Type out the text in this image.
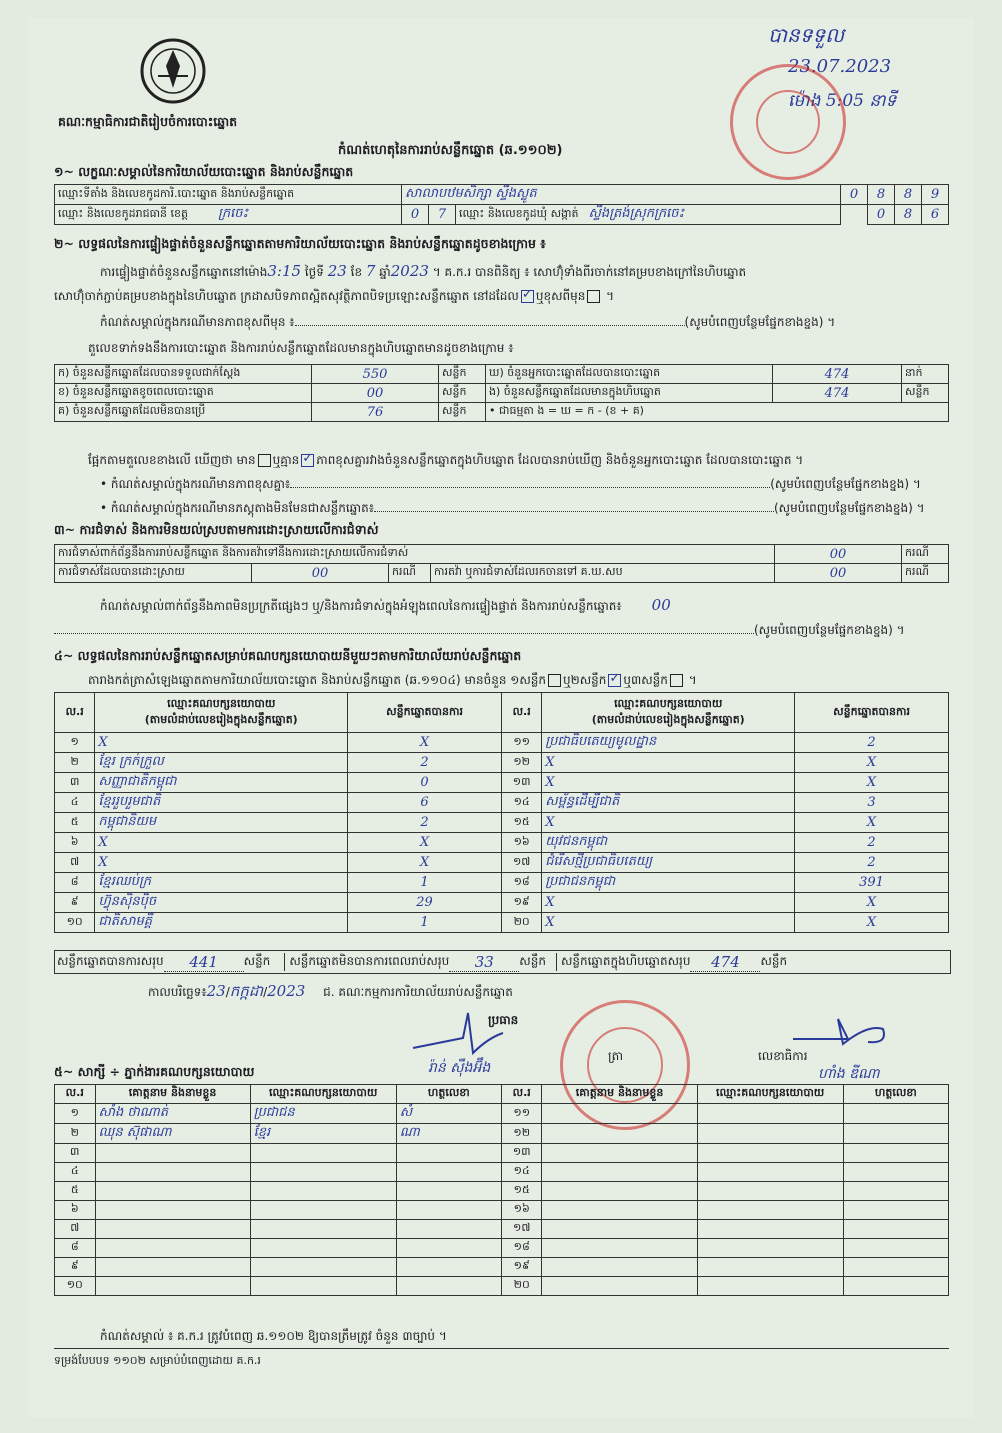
គណៈកម្មាធិការជាតិរៀបចំការបោះឆ្នោត
កំណត់ហេតុនៃការរាប់សន្លឹកឆ្នោត (ឆ.១១០២)
បានទទួល
23.07.2023
ម៉ោង 5:05 នាទី
១~ លក្ខណៈសម្គាល់នៃការិយាល័យបោះឆ្នោត និងរាប់សន្លឹកឆ្នោត
ឈ្មោះទីតាំង និងលេខកូដការិ.បោះឆ្នោត និងរាប់សន្លឹកឆ្នោត	សាលាបឋមសិក្សា ស្ទឹងស្លូត			0	8	8	9
ឈ្មោះ និងលេខកូដរាជធានី ខេត្ត ក្រចេះ	0	7	ឈ្មោះ និងលេខកូដឃុំ សង្កាត់ ស្ទឹងត្រង់ស្រុកក្រចេះ		0	8	6
២~ លទ្ធផលនៃការផ្ទៀងផ្ទាត់ចំនួនសន្លឹកឆ្នោតតាមការិយាល័យបោះឆ្នោត និងរាប់សន្លឹកឆ្នោតដូចខាងក្រោម ៖
ការផ្ទៀងផ្ទាត់ចំនួនសន្លឹកឆ្នោតនៅម៉ោង3:15 ថ្ងៃទី 23 ខែ 7 ឆ្នាំ2023 ។ គ.ក.រ បានពិនិត្យ ៖ សោហ៊ុំទាំងពីរចាក់នៅគម្របខាងក្រៅនៃហិបឆ្នោត
សោហ៊ុំចាក់ភ្ជាប់គម្របខាងក្នុងនៃហិបឆ្នោត ក្រដាសបិទភាពស្អិតសុវត្ថិភាពបិទប្រឡោះសន្លឹកឆ្នោត នៅដដែល ✓ ឬខុសពីមុន ។
កំណត់សម្គាល់ក្នុងករណីមានភាពខុសពីមុន ៖	(សូមបំពេញបន្ថែមផ្នែកខាងខ្នង) ។
តួលេខទាក់ទងនឹងការបោះឆ្នោត និងការរាប់សន្លឹកឆ្នោតដែលមានក្នុងហិបឆ្នោតមានដូចខាងក្រោម ៖
ក) ចំនួនសន្លឹកឆ្នោតដែលបានទទួលជាក់ស្តែង	550	សន្លឹក	ឃ) ចំនួនអ្នកបោះឆ្នោតដែលបានបោះឆ្នោត	474	នាក់
ខ) ចំនួនសន្លឹកឆ្នោតខូចពេលបោះឆ្នោត	00	សន្លឹក	ង) ចំនួនសន្លឹកឆ្នោតដែលមានក្នុងហិបឆ្នោត	474	សន្លឹក
គ) ចំនួនសន្លឹកឆ្នោតដែលមិនបានប្រើ	76	សន្លឹក	• ជាធម្មតា ង = ឃ = ក - (ខ + គ)		
ផ្អែកតាមតួលេខខាងលើ ឃើញថា មាន ឬគ្មាន ✓ ភាពខុសគ្នារវាងចំនួនសន្លឹកឆ្នោតក្នុងហិបឆ្នោត ដែលបានរាប់ឃើញ និងចំនួនអ្នកបោះឆ្នោត ដែលបានបោះឆ្នោត ។
• កំណត់សម្គាល់ក្នុងករណីមានភាពខុសគ្នា៖	(សូមបំពេញបន្ថែមផ្នែកខាងខ្នង) ។
• កំណត់សម្គាល់ក្នុងករណីមានភស្តុតាងមិនមែនជាសន្លឹកឆ្នោត៖	(សូមបំពេញបន្ថែមផ្នែកខាងខ្នង) ។
៣~ ការជំទាស់ និងការមិនយល់ស្របតាមការដោះស្រាយលើការជំទាស់
ការជំទាស់ពាក់ព័ន្ធនឹងការរាប់សន្លឹកឆ្នោត និងការតវ៉ាទៅនឹងការដោះស្រាយលើការជំទាស់				00	ករណី
ការជំទាស់ដែលបានដោះស្រាយ	00	ករណី	ការតវ៉ា ឬការជំទាស់ដែលរកចានទៅ គ.ឃ.សប	00	ករណី
កំណត់សម្គាល់ពាក់ព័ន្ធនឹងភាពមិនប្រក្រតីផ្សេងៗ ឬ/និងការជំទាស់ក្នុងអំឡុងពេលនៃការផ្ទៀងផ្ទាត់ និងការរាប់សន្លឹកឆ្នោត៖ 00
(សូមបំពេញបន្ថែមផ្នែកខាងខ្នង) ។
៤~ លទ្ធផលនៃការរាប់សន្លឹកឆ្នោតសម្រាប់គណបក្សនយោបាយនីមួយៗតាមការិយាល័យរាប់សន្លឹកឆ្នោត
តារាងកត់ត្រាសំឡេងឆ្នោតតាមការិយាល័យបោះឆ្នោត និងរាប់សន្លឹកឆ្នោត (ឆ.១១០៤) មានចំនួន ១សន្លឹក ឬ២សន្លឹក ✓ ឬ៣សន្លឹក ។
ល.រ	ឈ្មោះគណបក្សនយោបាយ
(តាមលំដាប់លេខរៀងក្នុងសន្លឹកឆ្នោត)	សន្លឹកឆ្នោតបានការ	ល.រ	ឈ្មោះគណបក្សនយោបាយ
(តាមលំដាប់លេខរៀងក្នុងសន្លឹកឆ្នោត)	សន្លឹកឆ្នោតបានការ
១	X	X	១១	ប្រជាធិបតេយ្យមូលដ្ឋាន	2
២	ខ្មែរ ក្រក់ក្រួល	2	១២	X	X
៣	សញ្ញាជាតិកម្ពុជា	0	១៣	X	X
៤	ខ្មែររួបរួមជាតិ	6	១៤	សម្ព័ន្ធដើម្បីជាតិ	3
៥	កម្ពុជានិយម	2	១៥	X	X
៦	X	X	១៦	យុវជនកម្ពុជា	2
៧	X	X	១៧	ជំរើសថ្មីប្រជាធិបតេយ្យ	2
៨	ខ្មែរឈប់ក្រ	1	១៨	ប្រជាជនកម្ពុជា	391
៩	ហ៊្វុនស៊ិនប៉ិច	29	១៩	X	X
១០	ជាតិសាមគ្គី	1	២០	X	X
សន្លឹកឆ្នោតបានការសរុប	441	សន្លឹក	សន្លឹកឆ្នោតមិនបានការពេលរាប់សរុប	33	សន្លឹក	សន្លឹកឆ្នោតក្នុងហិបឆ្នោតសរុប	474	សន្លឹក
កាលបរិច្ឆេទ៖23/កក្កដា/2023 ជ. គណៈកម្មការការិយាល័យរាប់សន្លឹកឆ្នោត
ប្រធាន
ត្រា	លេខាធិការ
រ៉ាន់ ស៊ឹងអ៊ឹង	ហាំង ឌីណា
៥~ សាក្សី ÷ ភ្នាក់ងារគណបក្សនយោបាយ
ល.រ	គោត្តនាម និងនាមខ្លួន	ឈ្មោះគណបក្សនយោបាយ	ហត្ថលេខា	ល.រ	គោត្តនាម និងនាមខ្លួន	ឈ្មោះគណបក្សនយោបាយ	ហត្ថលេខា
១	សាំង ថាណាត់	ប្រជាជន	សំ	១១			
២	ឈុន ស៊ុផាណា	ខ្មែរ	ណា	១២			
៣				១៣			
៤				១៤			
៥				១៥			
៦				១៦			
៧				១៧			
៨				១៨			
៩				១៩			
១០				២០			
កំណត់សម្គាល់ ៖ គ.ក.រ ត្រូវបំពេញ ឆ.១១០២ ឱ្យបានត្រឹមត្រូវ ចំនួន ៣ច្បាប់ ។
ទម្រង់បែបបទ ១១០២ សម្រាប់បំពេញដោយ គ.ក.រ
